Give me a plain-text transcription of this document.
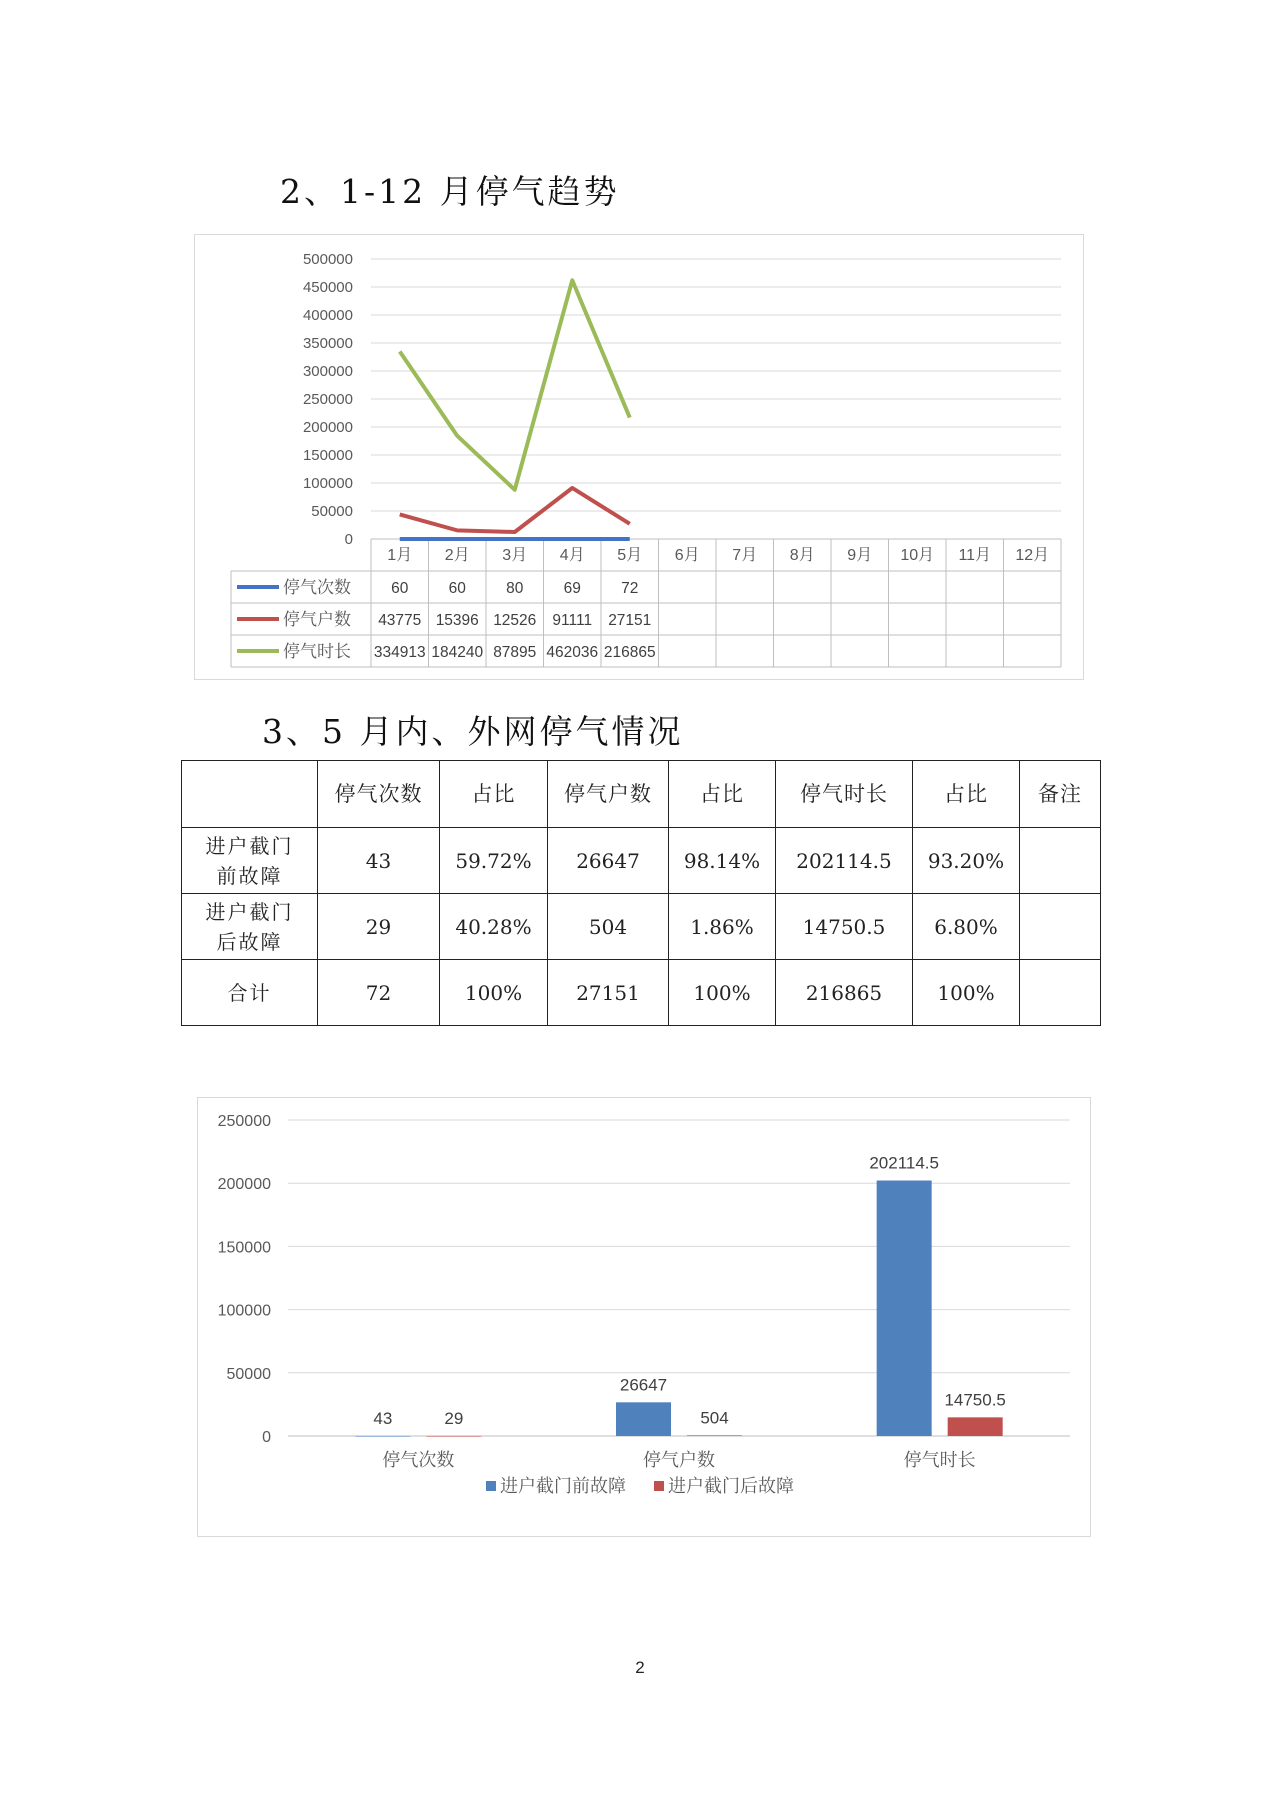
2、1-12 月停气趋势
0
50000
100000
150000
200000
250000
300000
350000
400000
450000
500000
1月 2月 3月 4月 5月 6月 7月 8月 9月 10月 11月 12月
停气次数	60	60	80	69	72
停气户数 43775 15396 12526 91111 27151
停气时长 334913 184240 87895 462036 216865
3、5 月内、外网停气情况
	停气次数	占比	停气户数	占比	停气时长	占比	备注
进户截门
前故障	43	59.72%	26647	98.14%	202114.5	93.20%	
进户截门
后故障	29	40.28%	504	1.86%	14750.5	6.80%	
合计	72	100%	27151	100%	216865	100%	
0
50000
100000
150000
200000
250000
停气次数
43	29
停气户数
26647
504
停气时长
202114.5
14750.5
进户截门前故障 进户截门后故障
2
